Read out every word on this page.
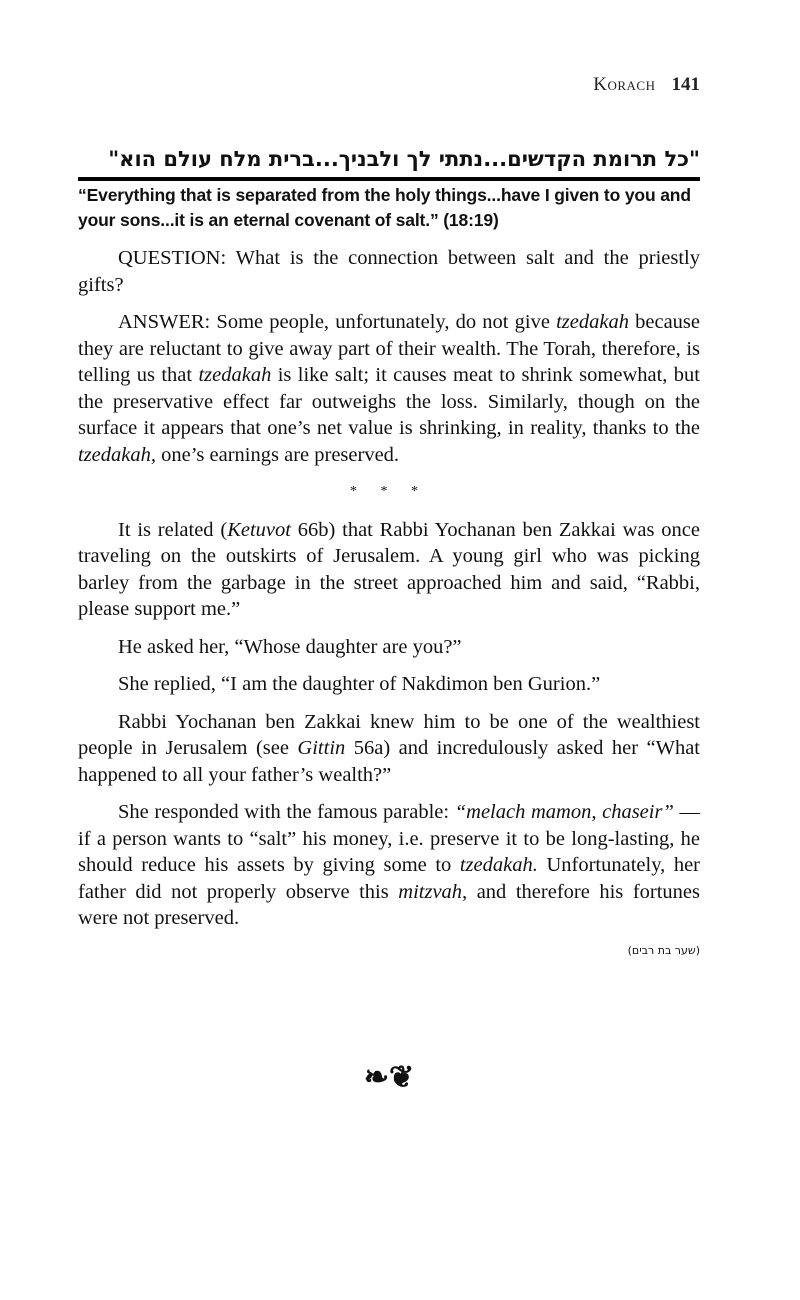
Korach 141
"כל תרומת הקדשים...נתתי לך ולבניך...ברית מלח עולם הוא"
“Everything that is separated from the holy things...have I given to you and your sons...it is an eternal covenant of salt.” (18:19)

QUESTION: What is the connection between salt and the priestly gifts?

ANSWER: Some people, unfortunately, do not give tzedakah because they are reluctant to give away part of their wealth. The Torah, therefore, is telling us that tzedakah is like salt; it causes meat to shrink somewhat, but the preservative effect far outweighs the loss. Similarly, though on the surface it appears that one’s net value is shrinking, in reality, thanks to the tzedakah, one’s earnings are preserved.

* * *

It is related (Ketuvot 66b) that Rabbi Yochanan ben Zakkai was once traveling on the outskirts of Jerusalem. A young girl who was picking barley from the garbage in the street approached him and said, “Rabbi, please support me.”

He asked her, “Whose daughter are you?”

She replied, “I am the daughter of Nakdimon ben Gurion.”

Rabbi Yochanan ben Zakkai knew him to be one of the wealthiest people in Jerusalem (see Gittin 56a) and incredulously asked her “What happened to all your father’s wealth?”

She responded with the famous parable: “melach mamon, chaseir” — if a person wants to “salt” his money, i.e. preserve it to be long-lasting, he should reduce his assets by giving some to tzedakah. Unfortunately, her father did not properly observe this mitzvah, and therefore his fortunes were not preserved.

(שער בת רבים)
❧❦
